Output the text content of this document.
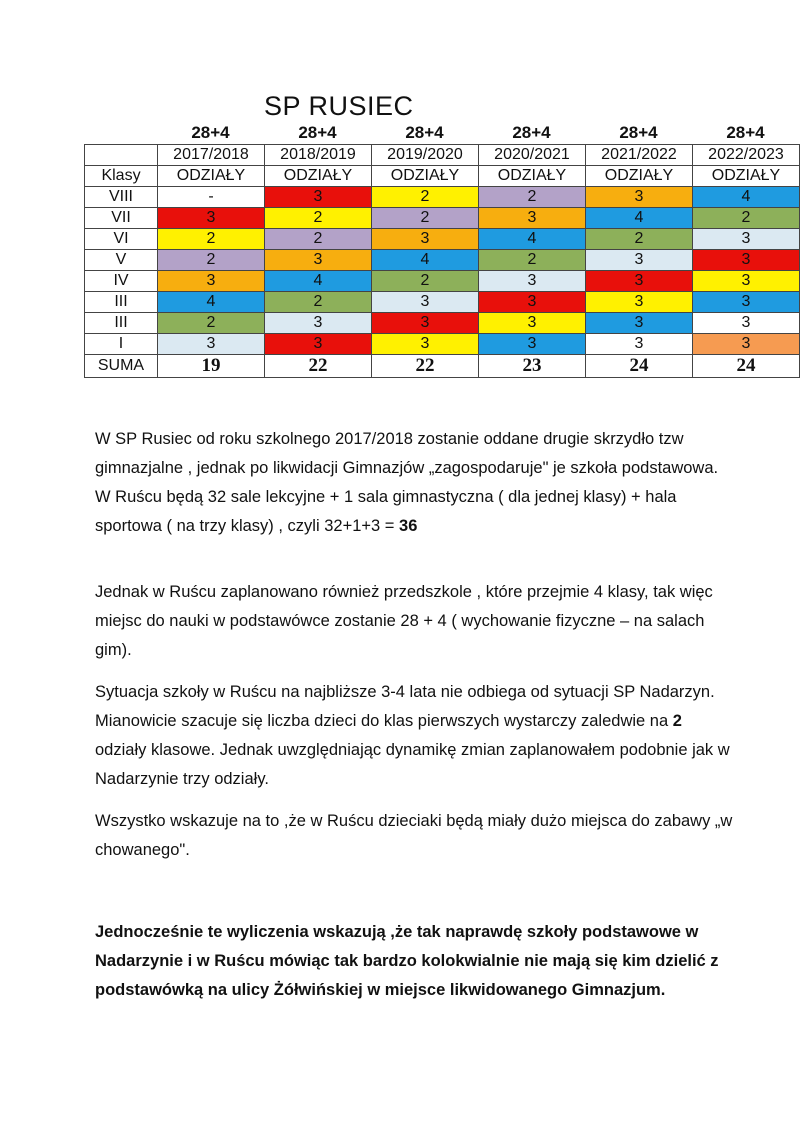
SP RUSIEC
28+4	28+4	28+4	28+4	28+4	28+4
	2017/2018	2018/2019	2019/2020	2020/2021	2021/2022	2022/2023
Klasy	ODZIAŁY	ODZIAŁY	ODZIAŁY	ODZIAŁY	ODZIAŁY	ODZIAŁY
VIII	-	3	2	2	3	4
VII	3	2	2	3	4	2
VI	2	2	3	4	2	3
V	2	3	4	2	3	3
IV	3	4	2	3	3	3
III	4	2	3	3	3	3
III	2	3	3	3	3	3
I	3	3	3	3	3	3
SUMA	19	22	22	23	24	24
W SP Rusiec od roku szkolnego 2017/2018 zostanie oddane drugie skrzydło tzw gimnazjalne , jednak po likwidacji Gimnazjów „zagospodaruje" je szkoła podstawowa. W Ruścu będą 32 sale lekcyjne + 1 sala gimnastyczna ( dla jednej klasy) + hala sportowa ( na trzy klasy) , czyli 32+1+3 = 36
Jednak w Ruścu zaplanowano również przedszkole , które przejmie 4 klasy, tak więc miejsc do nauki w podstawówce zostanie 28 + 4 ( wychowanie fizyczne – na salach gim).
Sytuacja szkoły w Ruścu na najbliższe 3-4 lata nie odbiega od sytuacji SP Nadarzyn. Mianowicie szacuje się liczba dzieci do klas pierwszych wystarczy zaledwie na 2 odziały klasowe. Jednak uwzględniając dynamikę zmian zaplanowałem podobnie jak w Nadarzynie trzy odziały.
Wszystko wskazuje na to ,że w Ruścu dzieciaki będą miały dużo miejsca do zabawy „w chowanego".
Jednocześnie te wyliczenia wskazują ,że tak naprawdę szkoły podstawowe w Nadarzynie i w Ruścu mówiąc tak bardzo kolokwialnie nie mają się kim dzielić z podstawówką na ulicy Żółwińskiej w miejsce likwidowanego Gimnazjum.
